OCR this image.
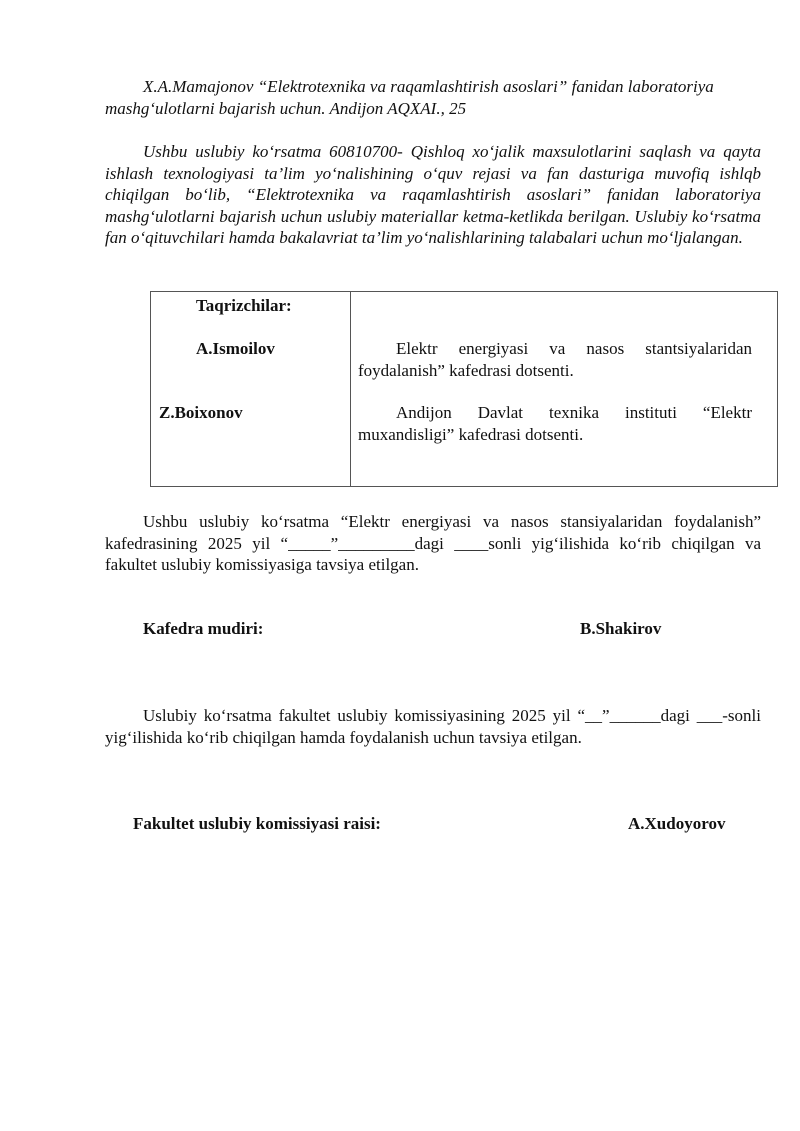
X.A.Mamajonov “Elektrotexnika va raqamlashtirish asoslari” fanidan laboratoriya mashg‘ulotlarni bajarish uchun. Andijon AQXAI., 25

Ushbu uslubiy ko‘rsatma 60810700- Qishloq xo‘jalik maxsulotlarini saqlash va qayta ishlash texnologiyasi ta’lim yo‘nalishining o‘quv rejasi va fan dasturiga muvofiq ishlqb chiqilgan bo‘lib, “Elektrotexnika va raqamlashtirish asoslari” fanidan laboratoriya mashg‘ulotlarni bajarish uchun uslubiy materiallar ketma-ketlikda berilgan. Uslubiy ko‘rsatma fan o‘qituvchilari hamda bakalavriat ta’lim yo‘nalishlarining talabalari uchun mo‘ljalangan.

Taqrizchilar:
A.Ismoilov	Elektr energiyasi va nasos stantsiyalaridan foydalanish” kafedrasi dotsenti.
Z.Boixonov	Andijon Davlat texnika instituti “Elektr muxandisligi” kafedrasi dotsenti.

Ushbu uslubiy ko‘rsatma “Elektr energiyasi va nasos stansiyalaridan foydalanish” kafedrasining 2025 yil “_____”_________dagi ____sonli yig‘ilishida ko‘rib chiqilgan va fakultet uslubiy komissiyasiga tavsiya etilgan.

Kafedra mudiri:	B.Shakirov

Uslubiy ko‘rsatma fakultet uslubiy komissiyasining 2025 yil “__”______dagi ___-sonli yig‘ilishida ko‘rib chiqilgan hamda foydalanish uchun tavsiya etilgan.

Fakultet uslubiy komissiyasi raisi:	A.Xudoyorov
